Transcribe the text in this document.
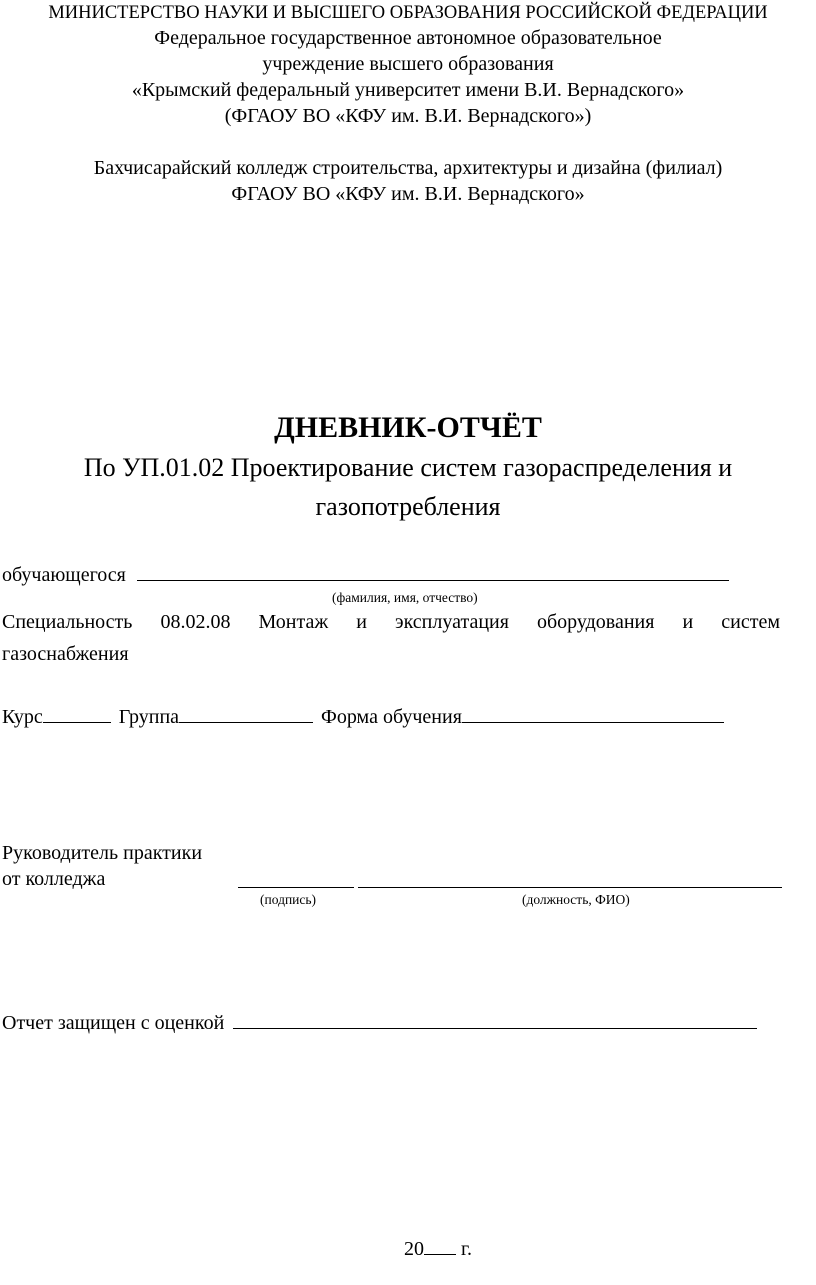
МИНИСТЕРСТВО НАУКИ И ВЫСШЕГО ОБРАЗОВАНИЯ РОССИЙСКОЙ ФЕДЕРАЦИИ
Федеральное государственное автономное образовательное
учреждение высшего образования
«Крымский федеральный университет имени В.И. Вернадского»
(ФГАОУ ВО «КФУ им. В.И. Вернадского»)
Бахчисарайский колледж строительства, архитектуры и дизайна (филиал)
ФГАОУ ВО «КФУ им. В.И. Вернадского»
ДНЕВНИК-ОТЧЁТ
По УП.01.02 Проектирование систем газораспределения и
газопотребления
обучающегося
(фамилия, имя, отчество)
Специальность 08.02.08 Монтаж и эксплуатация оборудования и систем
газоснабжения
Курс	Группа	Форма обучения
Руководитель практики
от колледжа
(подпись)	(должность, ФИО)
Отчет защищен с оценкой
20 г.
